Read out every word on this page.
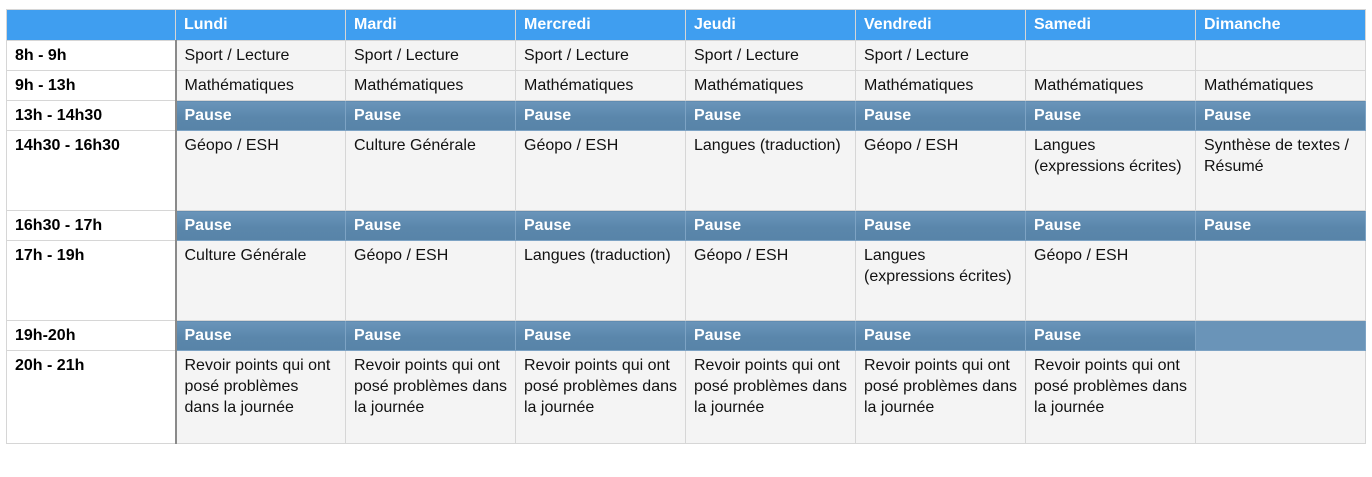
	Lundi	Mardi	Mercredi	Jeudi	Vendredi	Samedi	Dimanche
8h - 9h	Sport / Lecture	Sport / Lecture	Sport / Lecture	Sport / Lecture	Sport / Lecture		
9h - 13h	Mathématiques	Mathématiques	Mathématiques	Mathématiques	Mathématiques	Mathématiques	Mathématiques
13h - 14h30	Pause	Pause	Pause	Pause	Pause	Pause	Pause
14h30 - 16h30	Géopo / ESH	Culture Générale	Géopo / ESH	Langues (traduction)	Géopo / ESH	Langues (expressions écrites)	Synthèse de textes / Résumé
16h30 - 17h	Pause	Pause	Pause	Pause	Pause	Pause	Pause
17h - 19h	Culture Générale	Géopo / ESH	Langues (traduction)	Géopo / ESH	Langues (expressions écrites)	Géopo / ESH	
19h-20h	Pause	Pause	Pause	Pause	Pause	Pause	
20h - 21h	Revoir points qui ont posé problèmes dans la journée	Revoir points qui ont posé problèmes dans la journée	Revoir points qui ont posé problèmes dans la journée	Revoir points qui ont posé problèmes dans la journée	Revoir points qui ont posé problèmes dans la journée	Revoir points qui ont posé problèmes dans la journée	
